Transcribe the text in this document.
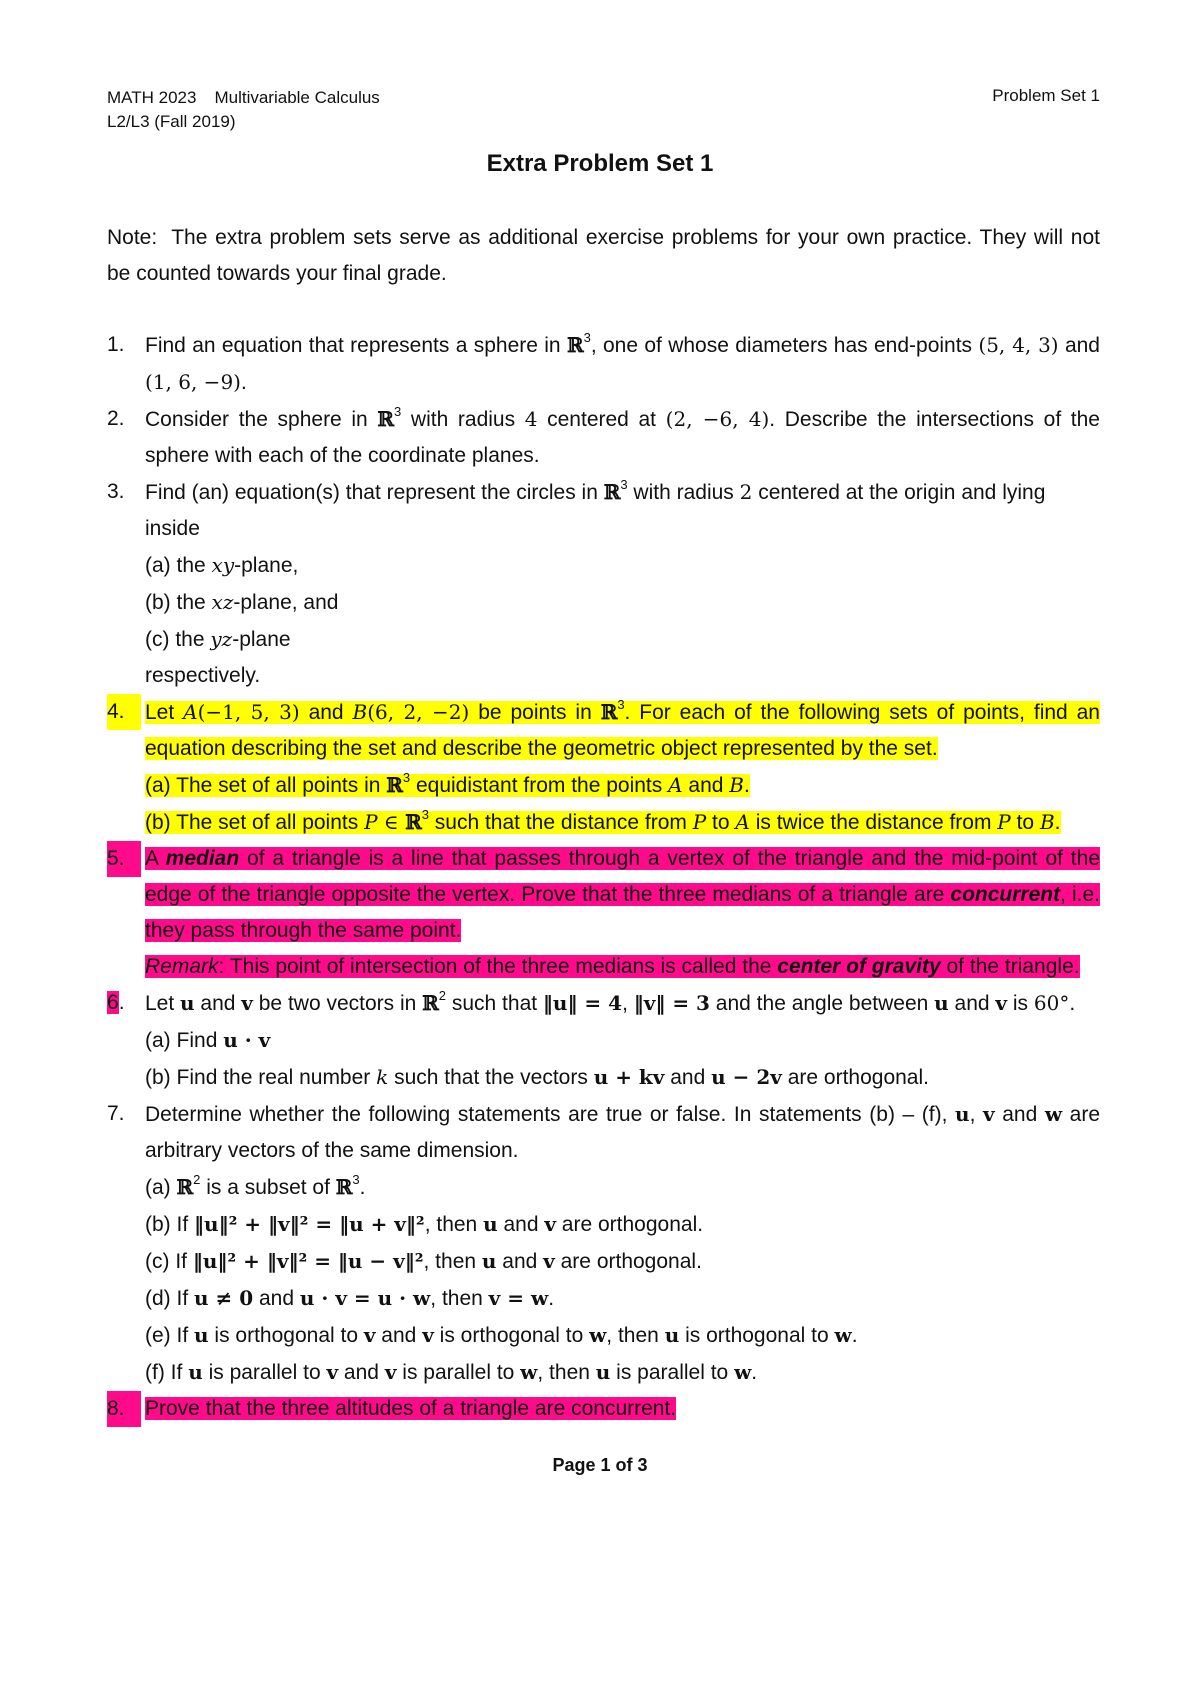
MATH 2023 Multivariable Calculus
L2/L3 (Fall 2019)
Problem Set 1
Extra Problem Set 1
Note: The extra problem sets serve as additional exercise problems for your own practice. They will not be counted towards your final grade.
1. Find an equation that represents a sphere in ℝ$^3$, one of whose diameters has end-points (5, 4, 3) and (1, 6, −9).
2. Consider the sphere in ℝ$^3$ with radius 4 centered at (2, −6, 4). Describe the intersections of the sphere with each of the coordinate planes.
3. Find (an) equation(s) that represent the circles in ℝ$^3$ with radius 2 centered at the origin and lying inside
(a) the xy-plane,
(b) the xz-plane, and
(c) the yz-plane
respectively.
4. Let A(−1, 5, 3) and B(6, 2, −2) be points in ℝ$^3$. For each of the following sets of points, find an equation describing the set and describe the geometric object represented by the set.
(a) The set of all points in ℝ$^3$ equidistant from the points A and B.
(b) The set of all points P ∈ ℝ$^3$ such that the distance from P to A is twice the distance from P to B.
5. A median of a triangle is a line that passes through a vertex of the triangle and the mid-point of the edge of the triangle opposite the vertex. Prove that the three medians of a triangle are concurrent, i.e. they pass through the same point.
Remark: This point of intersection of the three medians is called the center of gravity of the triangle.
6. Let u and v be two vectors in ℝ$^2$ such that ‖u‖ = 4, ‖v‖ = 3 and the angle between u and v is 60°.
(a) Find u · v
(b) Find the real number k such that the vectors u + kv and u − 2v are orthogonal.
7. Determine whether the following statements are true or false. In statements (b) – (f), u, v and w are arbitrary vectors of the same dimension.
(a) ℝ$^2$ is a subset of ℝ$^3$.
(b) If ‖u‖² + ‖v‖² = ‖u + v‖², then u and v are orthogonal.
(c) If ‖u‖² + ‖v‖² = ‖u − v‖², then u and v are orthogonal.
(d) If u ≠ 0 and u · v = u · w, then v = w.
(e) If u is orthogonal to v and v is orthogonal to w, then u is orthogonal to w.
(f) If u is parallel to v and v is parallel to w, then u is parallel to w.
8. Prove that the three altitudes of a triangle are concurrent.
Page 1 of 3
